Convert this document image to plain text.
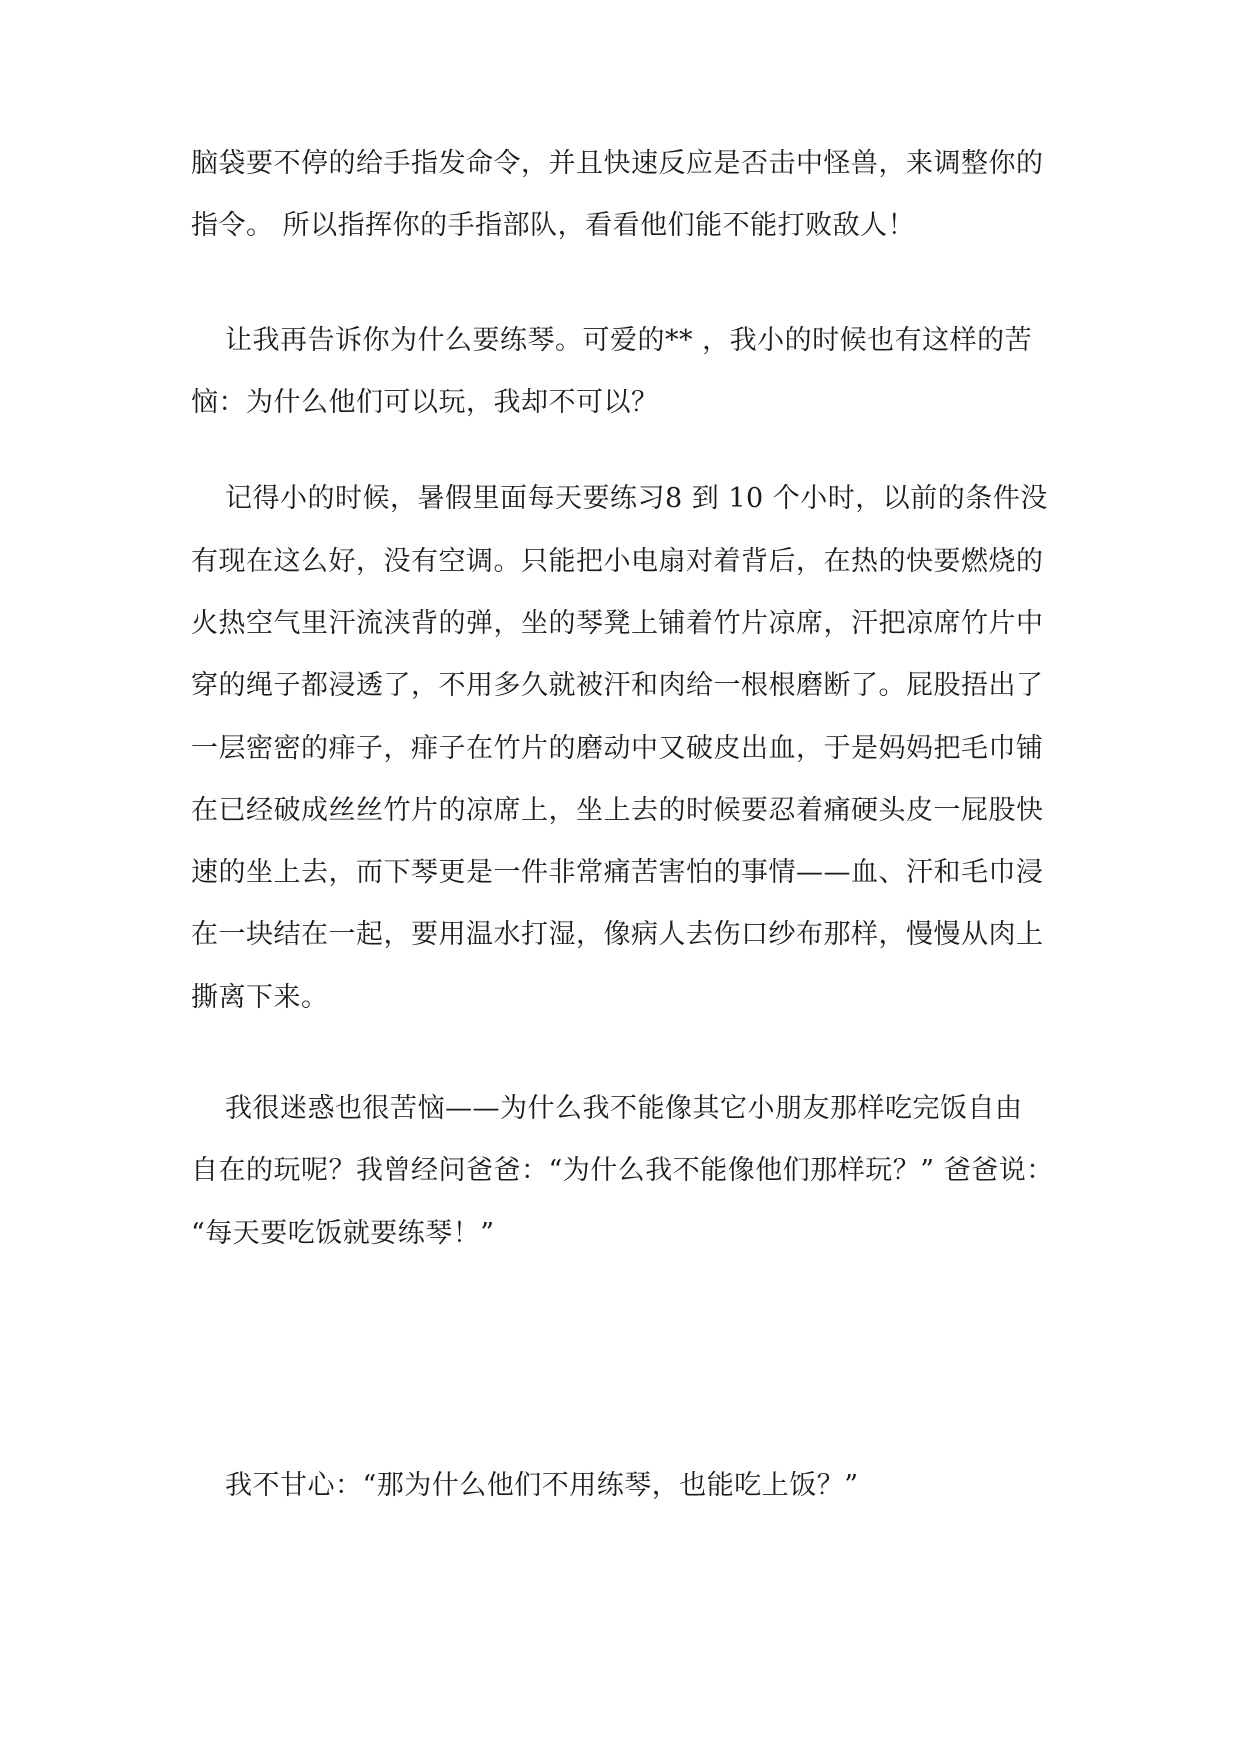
脑袋要不停的给手指发命令，并且快速反应是否击中怪兽，来调整你的
指令。 所以指挥你的手指部队，看看他们能不能打败敌人！
让我再告诉你为什么要练琴。可爱的** ，我小的时候也有这样的苦
恼：为什么他们可以玩，我却不可以？
记得小的时候，暑假里面每天要练习8 到 10 个小时，以前的条件没
有现在这么好，没有空调。只能把小电扇对着背后，在热的快要燃烧的
火热空气里汗流浃背的弹，坐的琴凳上铺着竹片凉席，汗把凉席竹片中
穿的绳子都浸透了，不用多久就被汗和肉给一根根磨断了。屁股捂出了
一层密密的痱子，痱子在竹片的磨动中又破皮出血，于是妈妈把毛巾铺
在已经破成丝丝竹片的凉席上，坐上去的时候要忍着痛硬头皮一屁股快
速的坐上去，而下琴更是一件非常痛苦害怕的事情——血、汗和毛巾浸
在一块结在一起，要用温水打湿，像病人去伤口纱布那样，慢慢从肉上
撕离下来。
我很迷惑也很苦恼——为什么我不能像其它小朋友那样吃完饭自由
自在的玩呢？我曾经问爸爸：“为什么我不能像他们那样玩？” 爸爸说：
“每天要吃饭就要练琴！”
我不甘心：“那为什么他们不用练琴，也能吃上饭？”
